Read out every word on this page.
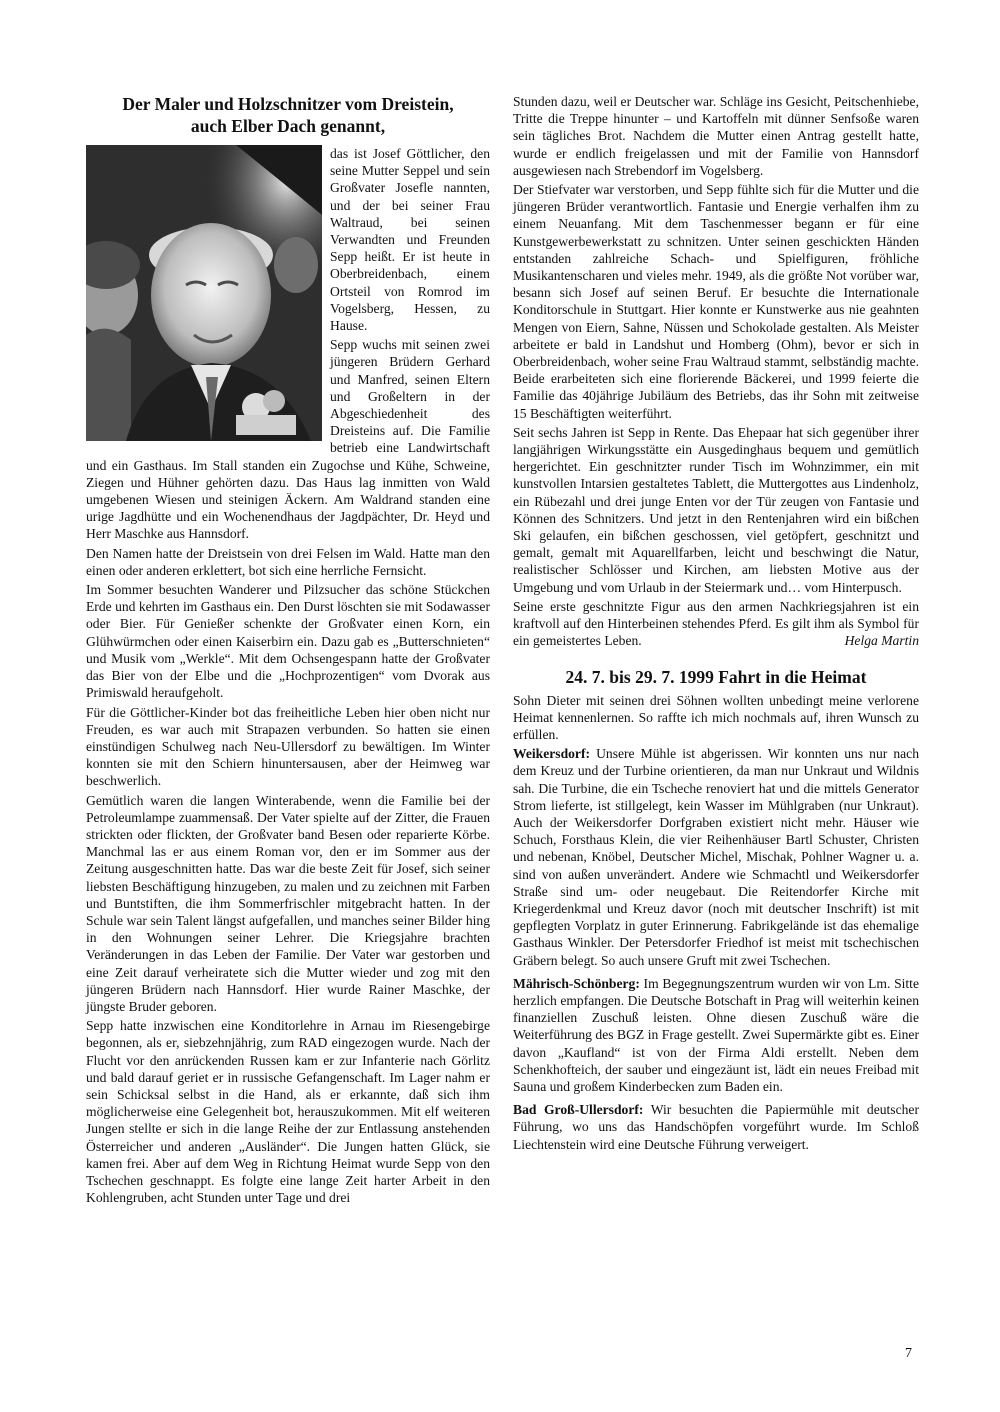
Der Maler und Holzschnitzer vom Dreistein,
auch Elber Dach genannt,

das ist Josef Göttlicher, den seine Mutter Seppel und sein Großvater Josefle nannten, und der bei seiner Frau Waltraud, bei seinen Verwandten und Freunden Sepp heißt. Er ist heute in Oberbreidenbach, einem Ortsteil von Romrod im Vogelsberg, Hessen, zu Hause.

Sepp wuchs mit seinen zwei jüngeren Brüdern Gerhard und Manfred, seinen Eltern und Großeltern in der Abgeschiedenheit des Dreisteins auf. Die Familie betrieb eine Landwirtschaft und ein Gasthaus. Im Stall standen ein Zugochse und Kühe, Schweine, Ziegen und Hühner gehörten dazu. Das Haus lag inmitten von Wald umgebenen Wiesen und steinigen Äckern. Am Waldrand standen eine urige Jagdhütte und ein Wochenendhaus der Jagdpächter, Dr. Heyd und Herr Maschke aus Hannsdorf.

Den Namen hatte der Dreistsein von drei Felsen im Wald. Hatte man den einen oder anderen erklettert, bot sich eine herrliche Fernsicht.

Im Sommer besuchten Wanderer und Pilzsucher das schöne Stückchen Erde und kehrten im Gasthaus ein. Den Durst löschten sie mit Sodawasser oder Bier. Für Genießer schenkte der Großvater einen Korn, ein Glühwürmchen oder einen Kaiserbirn ein. Dazu gab es „Butterschnieten“ und Musik vom „Werkle“. Mit dem Ochsengespann hatte der Großvater das Bier von der Elbe und die „Hochprozentigen“ vom Dvorak aus Primiswald heraufgeholt.

Für die Göttlicher-Kinder bot das freiheitliche Leben hier oben nicht nur Freuden, es war auch mit Strapazen verbunden. So hatten sie einen einstündigen Schulweg nach Neu-Ullersdorf zu bewältigen. Im Winter konnten sie mit den Schiern hinuntersausen, aber der Heimweg war beschwerlich.

Gemütlich waren die langen Winterabende, wenn die Familie bei der Petroleumlampe zuammensaß. Der Vater spielte auf der Zitter, die Frauen strickten oder flickten, der Großvater band Besen oder reparierte Körbe. Manchmal las er aus einem Roman vor, den er im Sommer aus der Zeitung ausgeschnitten hatte. Das war die beste Zeit für Josef, sich seiner liebsten Beschäftigung hinzugeben, zu malen und zu zeichnen mit Farben und Buntstiften, die ihm Sommerfrischler mitgebracht hatten. In der Schule war sein Talent längst aufgefallen, und manches seiner Bilder hing in den Wohnungen seiner Lehrer. Die Kriegsjahre brachten Veränderungen in das Leben der Familie. Der Vater war gestorben und eine Zeit darauf verheiratete sich die Mutter wieder und zog mit den jüngeren Brüdern nach Hannsdorf. Hier wurde Rainer Maschke, der jüngste Bruder geboren.

Sepp hatte inzwischen eine Konditorlehre in Arnau im Riesengebirge begonnen, als er, siebzehnjährig, zum RAD eingezogen wurde. Nach der Flucht vor den anrückenden Russen kam er zur Infanterie nach Görlitz und bald darauf geriet er in russische Gefangenschaft. Im Lager nahm er sein Schicksal selbst in die Hand, als er erkannte, daß sich ihm möglicherweise eine Gelegenheit bot, herauszukommen. Mit elf weiteren Jungen stellte er sich in die lange Reihe der zur Entlassung anstehenden Österreicher und anderen „Ausländer“. Die Jungen hatten Glück, sie kamen frei. Aber auf dem Weg in Richtung Heimat wurde Sepp von den Tschechen geschnappt. Es folgte eine lange Zeit harter Arbeit in den Kohlengruben, acht Stunden unter Tage und drei

Stunden dazu, weil er Deutscher war. Schläge ins Gesicht, Peitschenhiebe, Tritte die Treppe hinunter – und Kartoffeln mit dünner Senfsoße waren sein tägliches Brot. Nachdem die Mutter einen Antrag gestellt hatte, wurde er endlich freigelassen und mit der Familie von Hannsdorf ausgewiesen nach Strebendorf im Vogelsberg.

Der Stiefvater war verstorben, und Sepp fühlte sich für die Mutter und die jüngeren Brüder verantwortlich. Fantasie und Energie verhalfen ihm zu einem Neuanfang. Mit dem Taschenmesser begann er für eine Kunstgewerbewerkstatt zu schnitzen. Unter seinen geschickten Händen entstanden zahlreiche Schach- und Spielfiguren, fröhliche Musikantenscharen und vieles mehr. 1949, als die größte Not vorüber war, besann sich Josef auf seinen Beruf. Er besuchte die Internationale Konditorschule in Stuttgart. Hier konnte er Kunstwerke aus nie geahnten Mengen von Eiern, Sahne, Nüssen und Schokolade gestalten. Als Meister arbeitete er bald in Landshut und Homberg (Ohm), bevor er sich in Oberbreidenbach, woher seine Frau Waltraud stammt, selbständig machte. Beide erarbeiteten sich eine florierende Bäckerei, und 1999 feierte die Familie das 40jährige Jubiläum des Betriebs, das ihr Sohn mit zeitweise 15 Beschäftigten weiterführt.

Seit sechs Jahren ist Sepp in Rente. Das Ehepaar hat sich gegenüber ihrer langjährigen Wirkungsstätte ein Ausgedinghaus bequem und gemütlich hergerichtet. Ein geschnitzter runder Tisch im Wohnzimmer, ein mit kunstvollen Intarsien gestaltetes Tablett, die Muttergottes aus Lindenholz, ein Rübezahl und drei junge Enten vor der Tür zeugen von Fantasie und Können des Schnitzers. Und jetzt in den Rentenjahren wird ein bißchen Ski gelaufen, ein bißchen geschossen, viel getöpfert, geschnitzt und gemalt, gemalt mit Aquarellfarben, leicht und beschwingt die Natur, realistischer Schlösser und Kirchen, am liebsten Motive aus der Umgebung und vom Urlaub in der Steiermark und… vom Hinterpusch.

Seine erste geschnitzte Figur aus den armen Nachkriegsjahren ist ein kraftvoll auf den Hinterbeinen stehendes Pferd. Es gilt ihm als Symbol für ein gemeistertes Leben.	Helga Martin

24. 7. bis 29. 7. 1999 Fahrt in die Heimat

Sohn Dieter mit seinen drei Söhnen wollten unbedingt meine verlorene Heimat kennenlernen. So raffte ich mich nochmals auf, ihren Wunsch zu erfüllen.

Weikersdorf: Unsere Mühle ist abgerissen. Wir konnten uns nur nach dem Kreuz und der Turbine orientieren, da man nur Unkraut und Wildnis sah. Die Turbine, die ein Tscheche renoviert hat und die mittels Generator Strom lieferte, ist stillgelegt, kein Wasser im Mühlgraben (nur Unkraut). Auch der Weikersdorfer Dorfgraben existiert nicht mehr. Häuser wie Schuch, Forsthaus Klein, die vier Reihenhäuser Bartl Schuster, Christen und nebenan, Knöbel, Deutscher Michel, Mischak, Pohlner Wagner u. a. sind von außen unverändert. Andere wie Schmachtl und Weikersdorfer Straße sind um- oder neugebaut. Die Reitendorfer Kirche mit Kriegerdenkmal und Kreuz davor (noch mit deutscher Inschrift) ist mit gepflegten Vorplatz in guter Erinnerung. Fabrikgelände ist das ehemalige Gasthaus Winkler. Der Petersdorfer Friedhof ist meist mit tschechischen Gräbern belegt. So auch unsere Gruft mit zwei Tschechen.

Mährisch-Schönberg: Im Begegnungszentrum wurden wir von Lm. Sitte herzlich empfangen. Die Deutsche Botschaft in Prag will weiterhin keinen finanziellen Zuschuß leisten. Ohne diesen Zuschuß wäre die Weiterführung des BGZ in Frage gestellt. Zwei Supermärkte gibt es. Einer davon „Kaufland“ ist von der Firma Aldi erstellt. Neben dem Schenkhofteich, der sauber und eingezäunt ist, lädt ein neues Freibad mit Sauna und großem Kinderbecken zum Baden ein.

Bad Groß-Ullersdorf: Wir besuchten die Papiermühle mit deutscher Führung, wo uns das Handschöpfen vorgeführt wurde. Im Schloß Liechtenstein wird eine Deutsche Führung verweigert.

7
